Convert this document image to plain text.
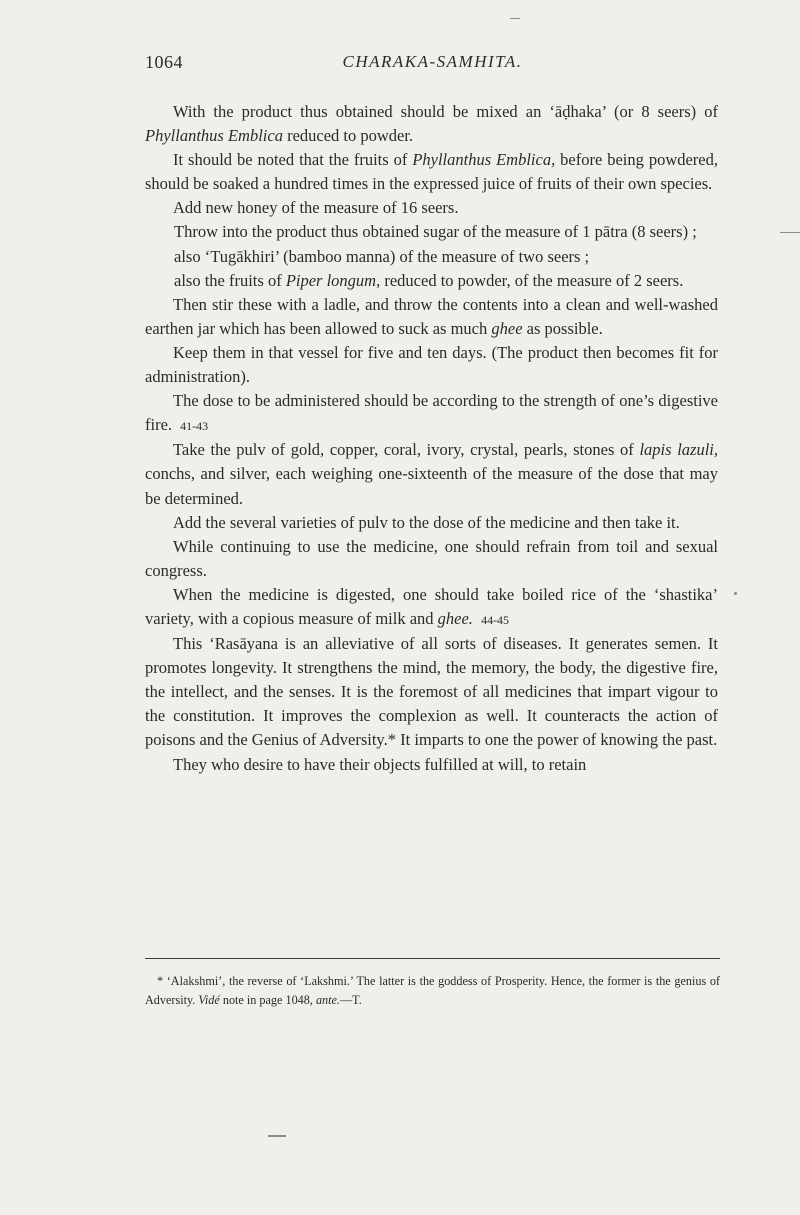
1064	CHARAKA-SAMHITA.

With the product thus obtained should be mixed an ‘āḍhaka’ (or 8 seers) of Phyllanthus Emblica reduced to powder.

It should be noted that the fruits of Phyllanthus Emblica, before being powdered, should be soaked a hundred times in the expressed juice of fruits of their own species.

Add new honey of the measure of 16 seers.

Throw into the product thus obtained sugar of the measure of 1 pātra (8 seers) ;

also ‘Tugākhiri’ (bamboo manna) of the measure of two seers ;

also the fruits of Piper longum, reduced to powder, of the measure of 2 seers.

Then stir these with a ladle, and throw the contents into a clean and well-washed earthen jar which has been allowed to suck as much ghee as possible.

Keep them in that vessel for five and ten days. (The product then becomes fit for administration).

The dose to be administered should be according to the strength of one’s digestive fire. 41-43

Take the pulv of gold, copper, coral, ivory, crystal, pearls, stones of lapis lazuli, conchs, and silver, each weighing one-sixteenth of the measure of the dose that may be determined.

Add the several varieties of pulv to the dose of the medicine and then take it.

While continuing to use the medicine, one should refrain from toil and sexual congress.

When the medicine is digested, one should take boiled rice of the ‘shastika’ variety, with a copious measure of milk and ghee. 44-45

This ‘Rasāyana is an alleviative of all sorts of diseases. It generates semen. It promotes longevity. It strengthens the mind, the memory, the body, the digestive fire, the intellect, and the senses. It is the foremost of all medicines that impart vigour to the constitution. It improves the complexion as well. It counteracts the action of poisons and the Genius of Adversity.* It imparts to one the power of knowing the past.

They who desire to have their objects fulfilled at will, to retain

* ‘Alakshmi’, the reverse of ‘Lakshmi.’ The latter is the goddess of Prosperity. Hence, the former is the genius of Adversity. Vidé note in page 1048, ante.—T.
